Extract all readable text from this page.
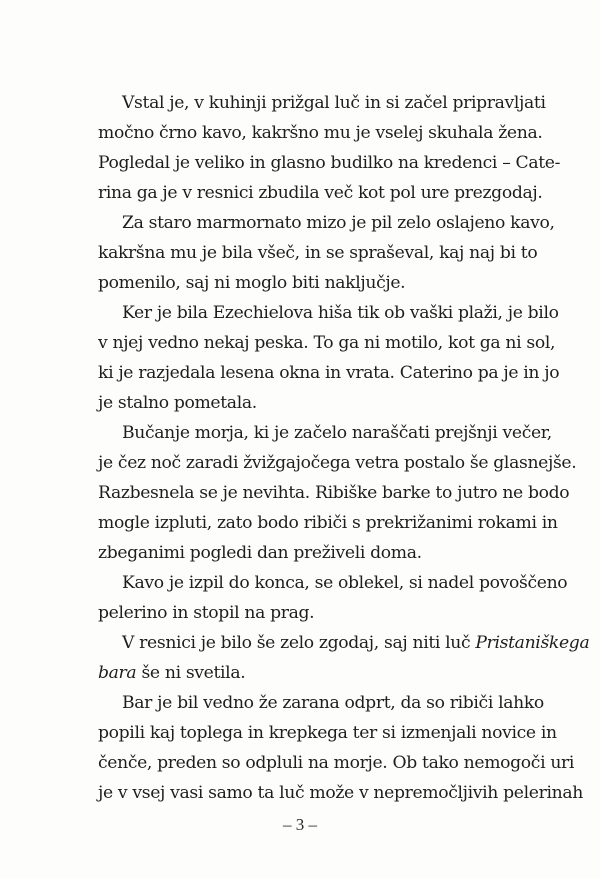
Vstal je, v kuhinji prižgal luč in si začel pripravljati
močno črno kavo, kakršno mu je vselej skuhala žena.
Pogledal je veliko in glasno budilko na kredenci – Cate-
rina ga je v resnici zbudila več kot pol ure prezgodaj.
Za staro marmornato mizo je pil zelo oslajeno kavo,
kakršna mu je bila všeč, in se spraševal, kaj naj bi to
pomenilo, saj ni moglo biti naključje.
Ker je bila Ezechielova hiša tik ob vaški plaži, je bilo
v njej vedno nekaj peska. To ga ni motilo, kot ga ni sol,
ki je razjedala lesena okna in vrata. Caterino pa je in jo
je stalno pometala.
Bučanje morja, ki je začelo naraščati prejšnji večer,
je čez noč zaradi žvižgajočega vetra postalo še glasnejše.
Razbesnela se je nevihta. Ribiške barke to jutro ne bodo
mogle izpluti, zato bodo ribiči s prekrižanimi rokami in
zbeganimi pogledi dan preživeli doma.
Kavo je izpil do konca, se oblekel, si nadel povoščeno
pelerino in stopil na prag.
V resnici je bilo še zelo zgodaj, saj niti luč Pristaniškega
bara še ni svetila.
Bar je bil vedno že zarana odprt, da so ribiči lahko
popili kaj toplega in krepkega ter si izmenjali novice in
čenče, preden so odpluli na morje. Ob tako nemogoči uri
je v vsej vasi samo ta luč može v nepremočljivih pelerinah
– 3 –
